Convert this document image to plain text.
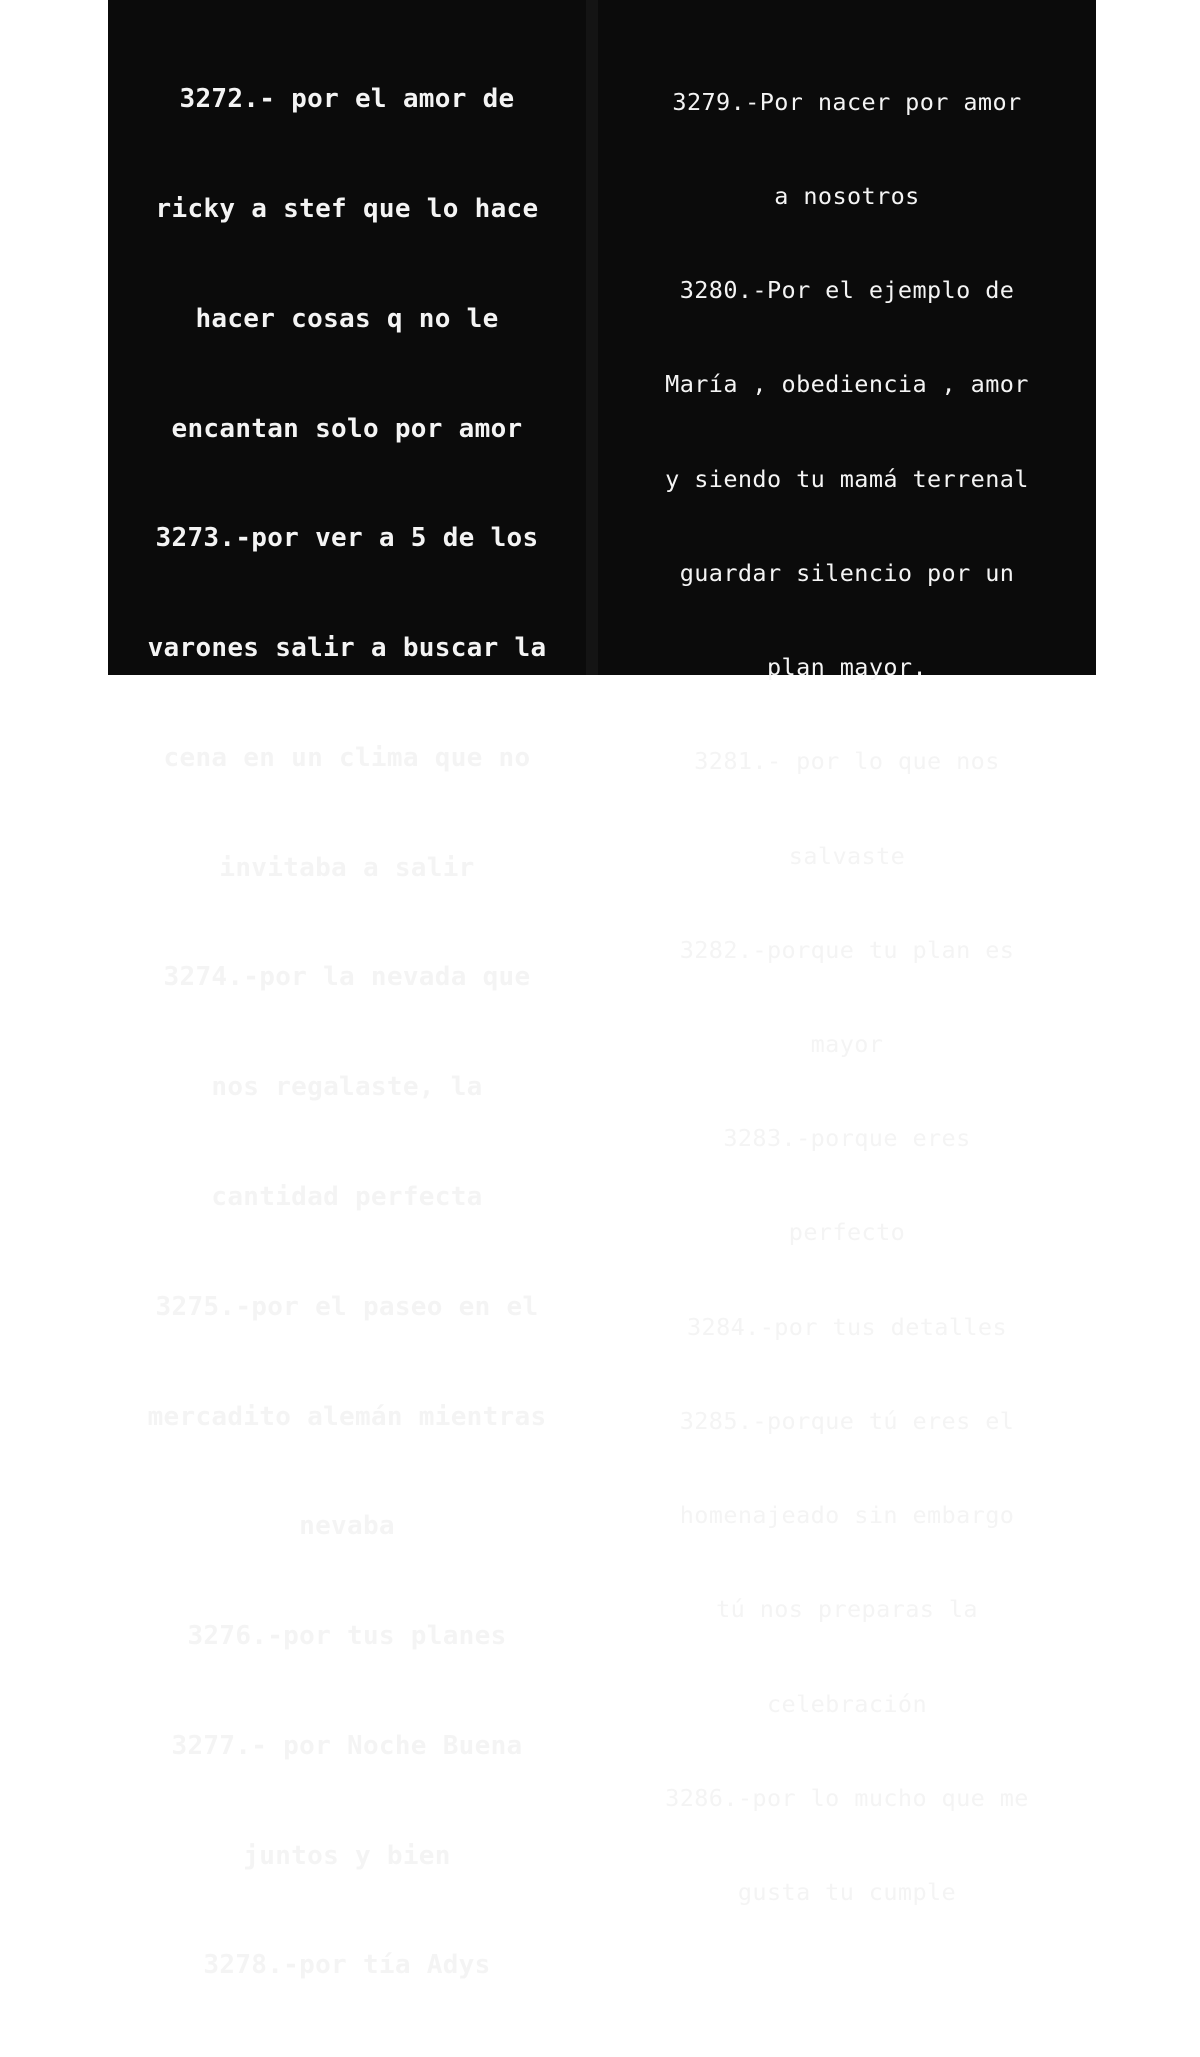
3272.- por el amor de

ricky a stef que lo hace

hacer cosas q no le

encantan solo por amor

3273.-por ver a 5 de los

varones salir a buscar la

cena en un clima que no

invitaba a salir

3274.-por la nevada que

nos regalaste, la

cantidad perfecta

3275.-por el paseo en el

mercadito alemán mientras

nevaba

3276.-por tus planes

3277.- por Noche Buena

juntos y bien

3278.-por tía Adys

3279.-Por nacer por amor

a nosotros

3280.-Por el ejemplo de

María , obediencia , amor

y siendo tu mamá terrenal

guardar silencio por un

plan mayor.

3281.- por lo que nos

salvaste

3282.-porque tu plan es

mayor

3283.-porque eres

perfecto

3284.-por tus detalles

3285.-porque tú eres el

homenajeado sin embargo

tú nos preparas la

celebración

3286.-por lo mucho que me

gusta tu cumple
